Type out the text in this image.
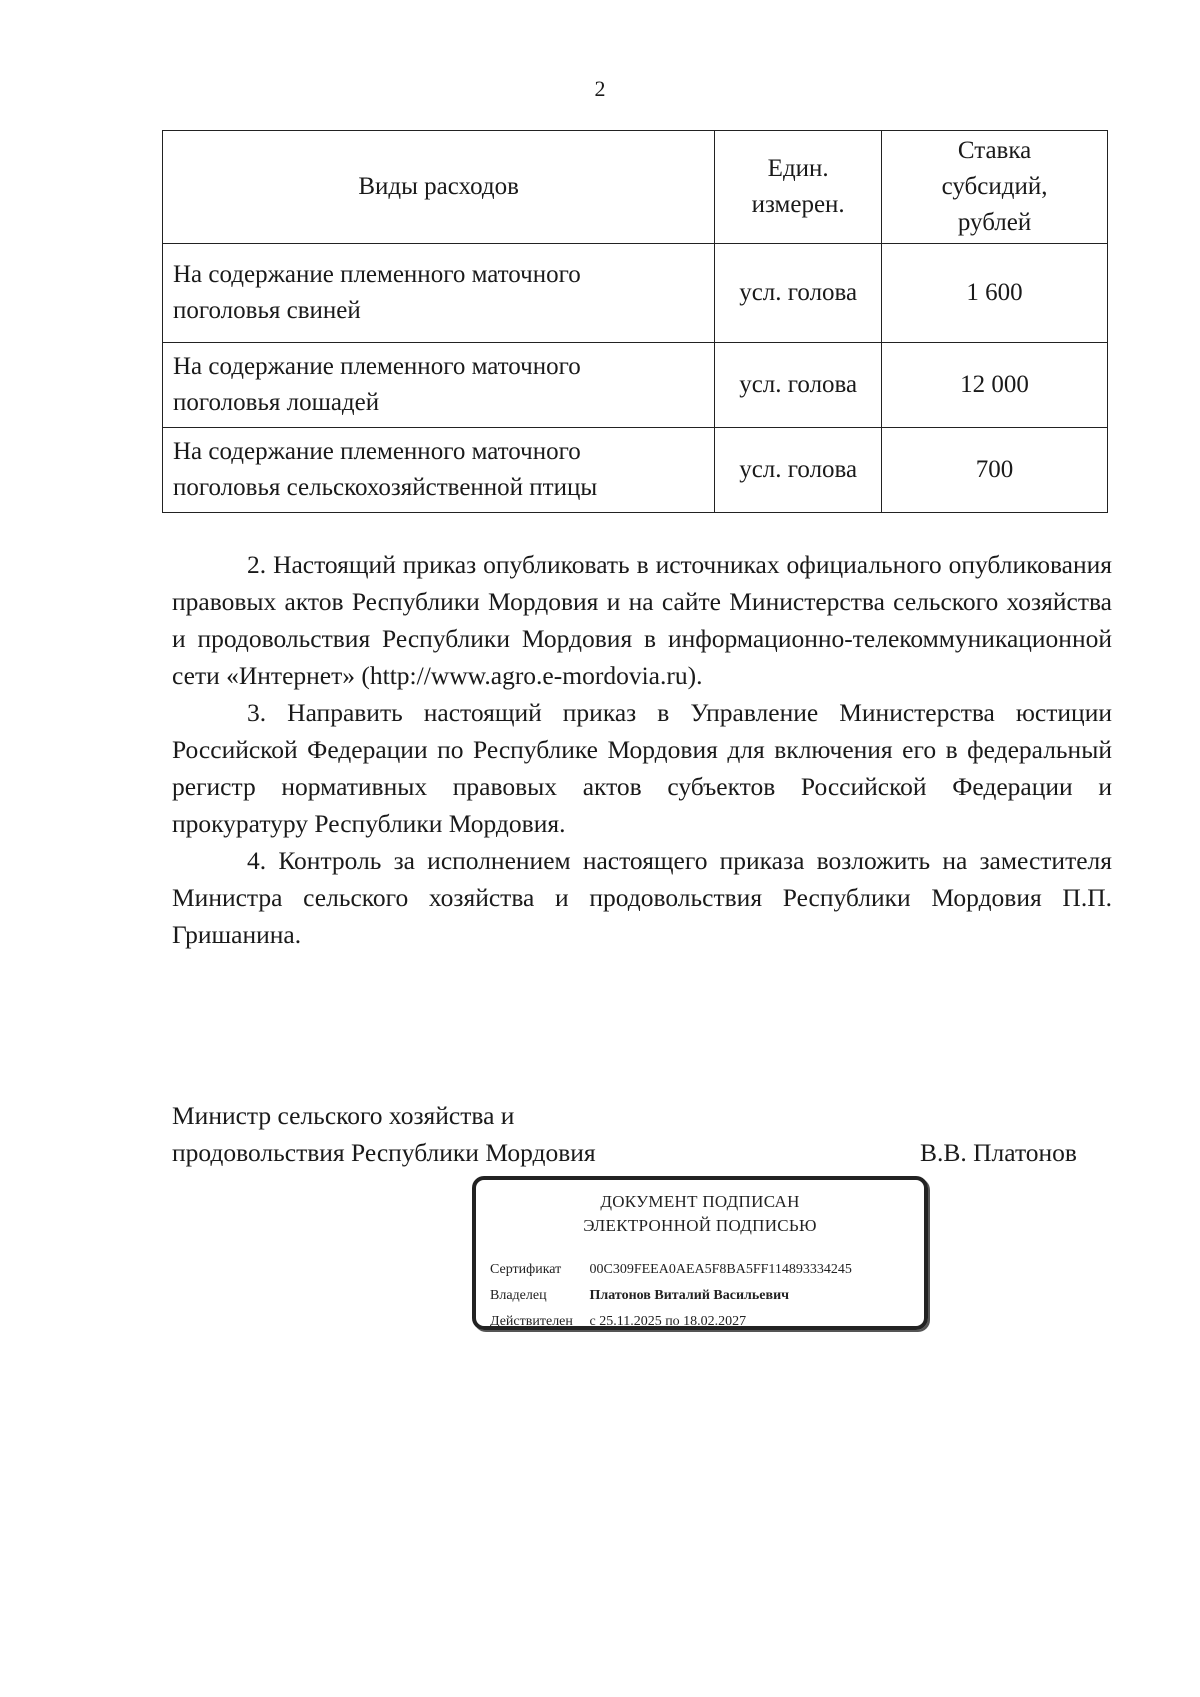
2
Виды расходов	Един. измерен.	Ставка субсидий, рублей
На содержание племенного маточного поголовья свиней	усл. голова	1 600
На содержание племенного маточного поголовья лошадей	усл. голова	12 000
На содержание племенного маточного поголовья сельскохозяйственной птицы	усл. голова	700

2. Настоящий приказ опубликовать в источниках официального опубликования правовых актов Республики Мордовия и на сайте Министерства сельского хозяйства и продовольствия Республики Мордовия в информационно-телекоммуникационной сети «Интернет» (http://www.agro.e-mordovia.ru).

3. Направить настоящий приказ в Управление Министерства юстиции Российской Федерации по Республике Мордовия для включения его в федеральный регистр нормативных правовых актов субъектов Российской Федерации и прокуратуру Республики Мордовия.

4. Контроль за исполнением настоящего приказа возложить на заместителя Министра сельского хозяйства и продовольствия Республики Мордовия П.П. Гришанина.

Министр сельского хозяйства и
продовольствия Республики Мордовия	В.В. Платонов
ДОКУМЕНТ ПОДПИСАН
ЭЛЕКТРОННОЙ ПОДПИСЬЮ
Сертификат 00C309FEEA0AEA5F8BA5FF114893334245
Владелец	Платонов Виталий Васильевич
Действителен с 25.11.2025 по 18.02.2027
